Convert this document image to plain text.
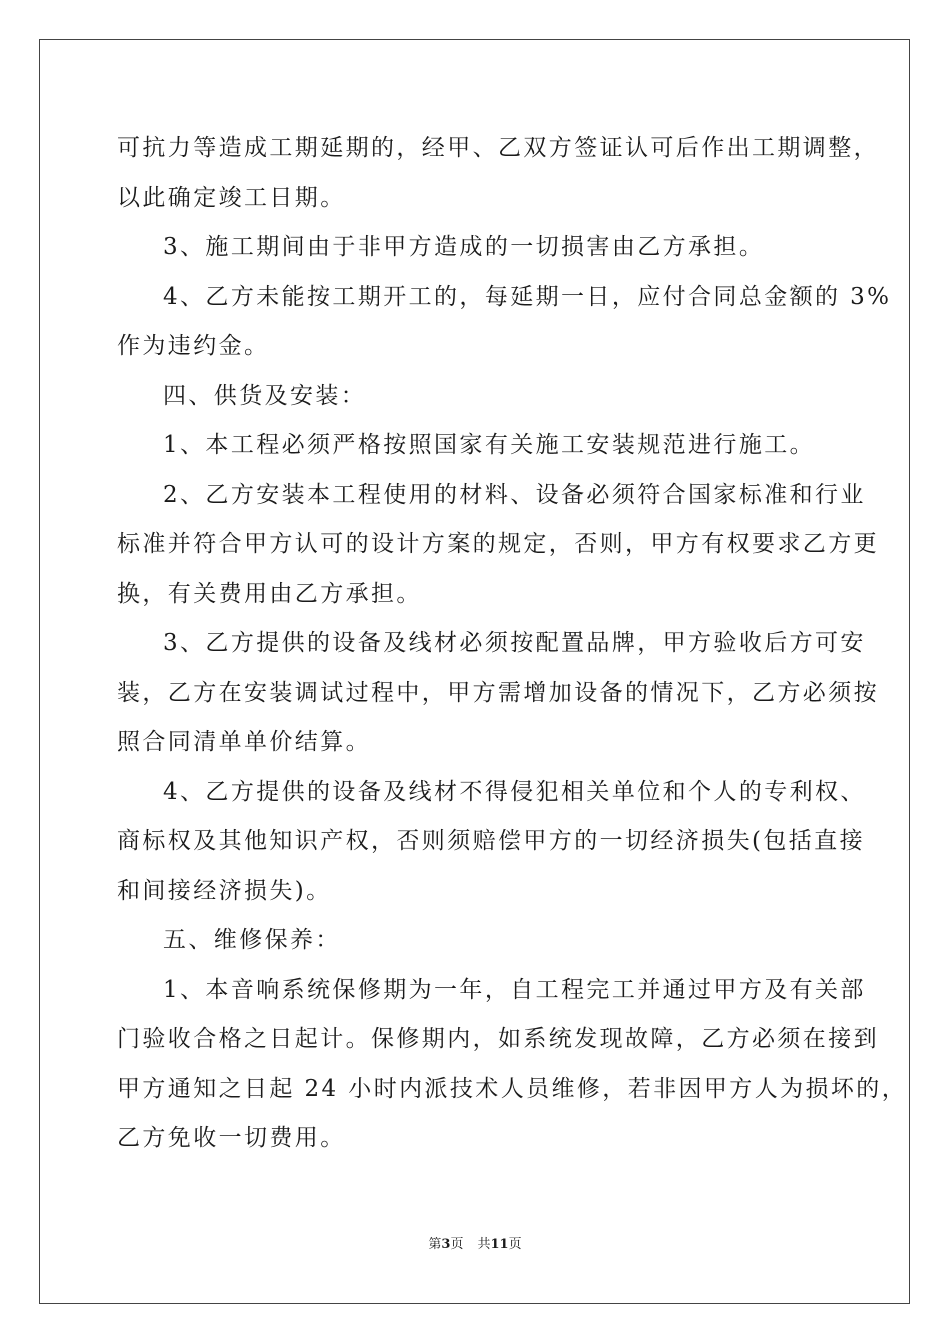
可抗力等造成工期延期的，经甲、乙双方签证认可后作出工期调整，
以此确定竣工日期。
3、施工期间由于非甲方造成的一切损害由乙方承担。
4、乙方未能按工期开工的，每延期一日，应付合同总金额的 3%
作为违约金。
四、供货及安装：
1、本工程必须严格按照国家有关施工安装规范进行施工。
2、乙方安装本工程使用的材料、设备必须符合国家标准和行业
标准并符合甲方认可的设计方案的规定，否则，甲方有权要求乙方更
换，有关费用由乙方承担。
3、乙方提供的设备及线材必须按配置品牌，甲方验收后方可安
装，乙方在安装调试过程中，甲方需增加设备的情况下，乙方必须按
照合同清单单价结算。
4、乙方提供的设备及线材不得侵犯相关单位和个人的专利权、
商标权及其他知识产权，否则须赔偿甲方的一切经济损失(包括直接
和间接经济损失)。
五、维修保养：
1、本音响系统保修期为一年，自工程完工并通过甲方及有关部
门验收合格之日起计。保修期内，如系统发现故障，乙方必须在接到
甲方通知之日起 24 小时内派技术人员维修，若非因甲方人为损坏的，
乙方免收一切费用。
第3页 共11页
